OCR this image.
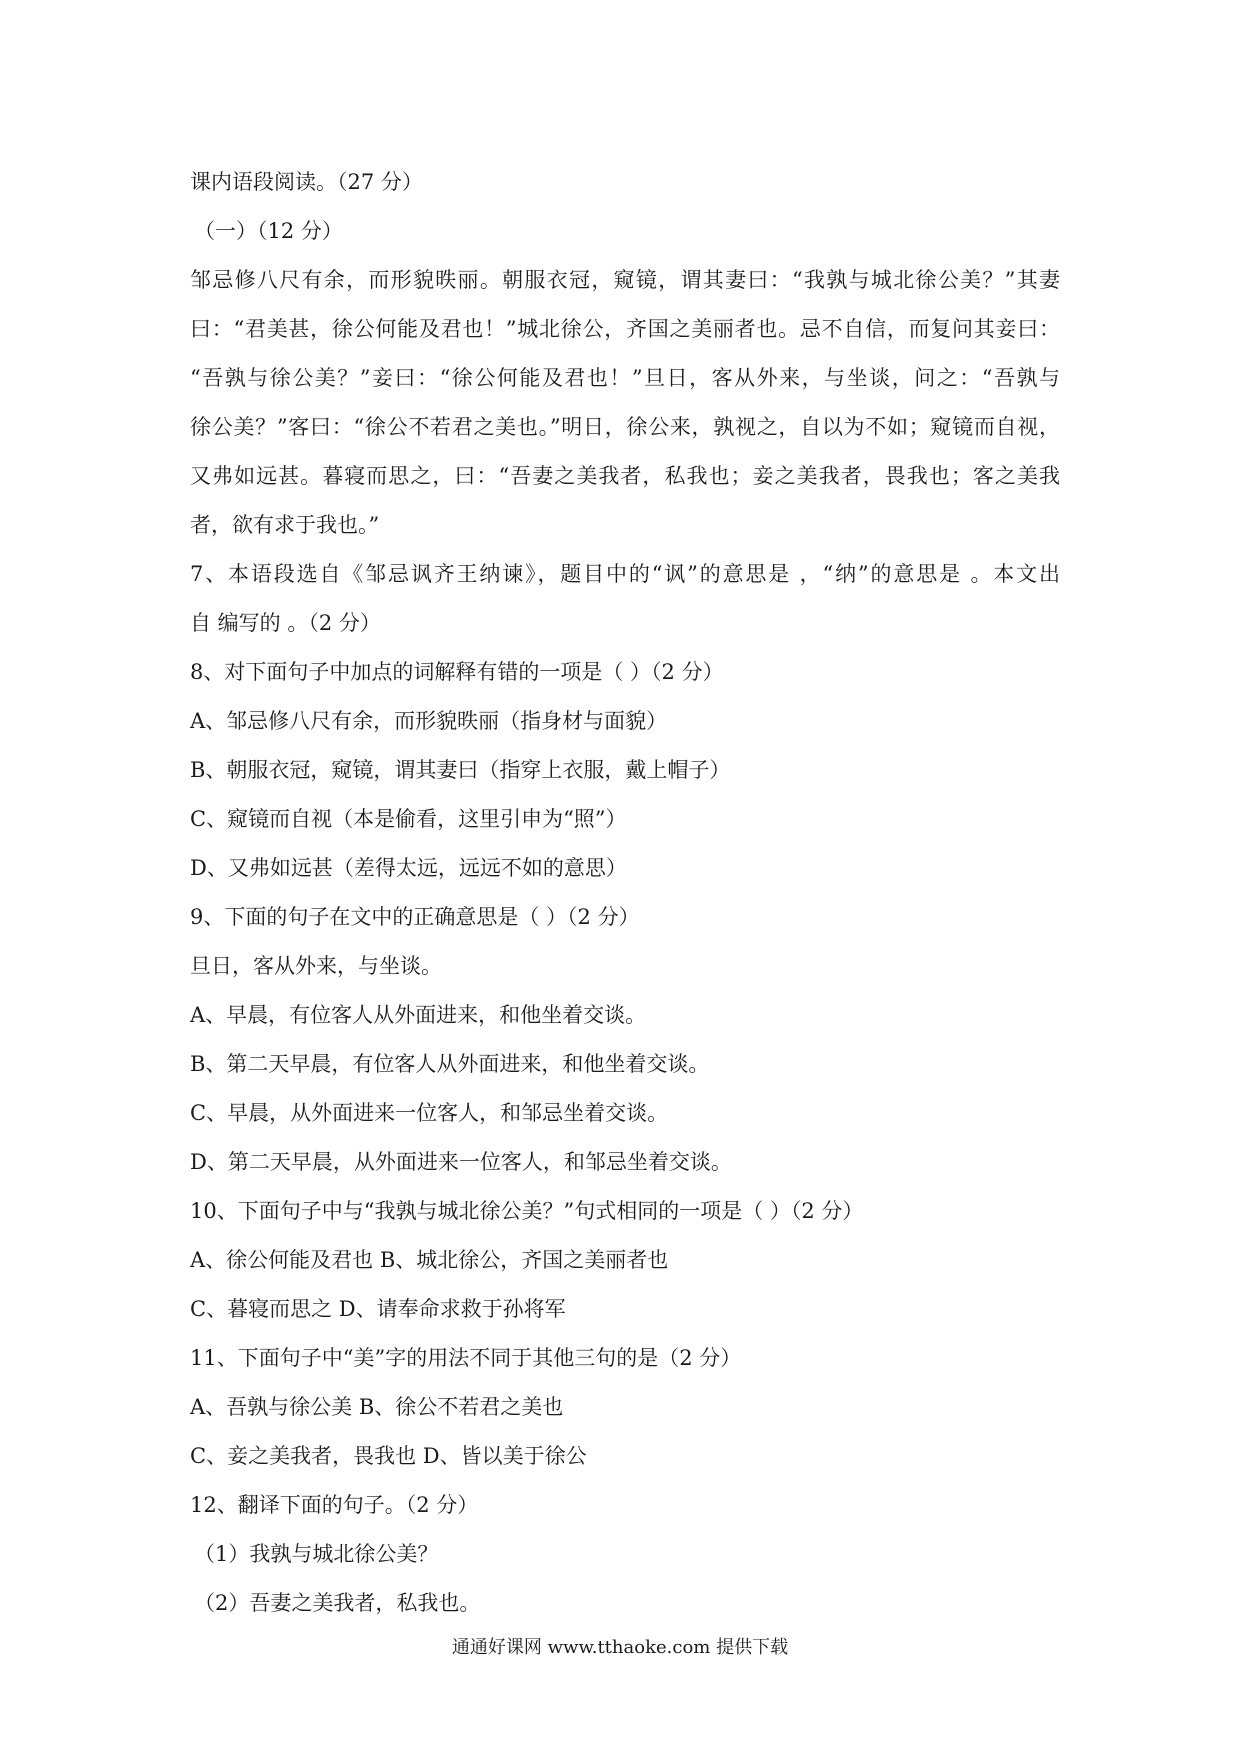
课内语段阅读。（27 分）
（一）（12 分）
邹忌修八尺有余，而形貌昳丽。朝服衣冠，窥镜，谓其妻曰：“我孰与城北徐公美？”其妻
曰：“君美甚，徐公何能及君也！”城北徐公，齐国之美丽者也。忌不自信，而复问其妾曰：
“吾孰与徐公美？”妾曰：“徐公何能及君也！”旦日，客从外来，与坐谈，问之：“吾孰与
徐公美？”客曰：“徐公不若君之美也。”明日，徐公来，孰视之，自以为不如；窥镜而自视，
又弗如远甚。暮寝而思之，曰：“吾妻之美我者，私我也；妾之美我者，畏我也；客之美我
者，欲有求于我也。”
7、本语段选自《邹忌讽齐王纳谏》，题目中的“讽”的意思是 ，“纳”的意思是 。本文出
自 编写的 。（2 分）
8、对下面句子中加点的词解释有错的一项是（ ）（2 分）
A、邹忌修八尺有余，而形貌昳丽（指身材与面貌）
B、朝服衣冠，窥镜，谓其妻曰（指穿上衣服，戴上帽子）
C、窥镜而自视（本是偷看，这里引申为“照”）
D、又弗如远甚（差得太远，远远不如的意思）
9、下面的句子在文中的正确意思是（ ）（2 分）
旦日，客从外来，与坐谈。
A、早晨，有位客人从外面进来，和他坐着交谈。
B、第二天早晨，有位客人从外面进来，和他坐着交谈。
C、早晨，从外面进来一位客人，和邹忌坐着交谈。
D、第二天早晨，从外面进来一位客人，和邹忌坐着交谈。
10、下面句子中与“我孰与城北徐公美？”句式相同的一项是（ ）（2 分）
A、徐公何能及君也 B、城北徐公，齐国之美丽者也
C、暮寝而思之 D、请奉命求救于孙将军
11、下面句子中“美”字的用法不同于其他三句的是（2 分）
A、吾孰与徐公美 B、徐公不若君之美也
C、妾之美我者，畏我也 D、皆以美于徐公
12、翻译下面的句子。（2 分）
（1）我孰与城北徐公美？
（2）吾妻之美我者，私我也。
通通好课网 www.tthaoke.com 提供下载
